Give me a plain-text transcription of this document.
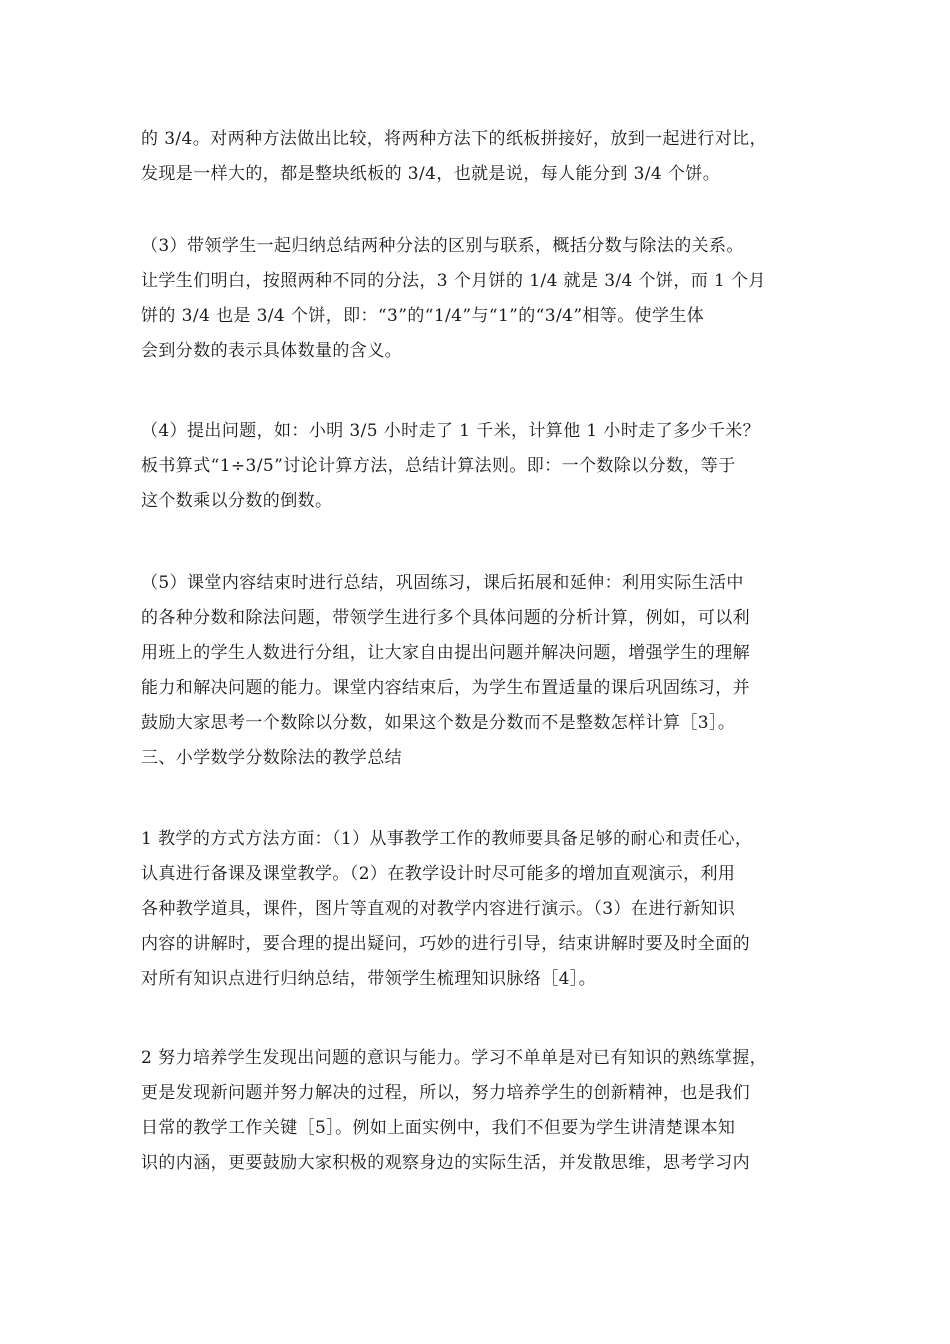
的 3/4。对两种方法做出比较，将两种方法下的纸板拼接好，放到一起进行对比，
发现是一样大的，都是整块纸板的 3/4，也就是说，每人能分到 3/4 个饼。

（3）带领学生一起归纳总结两种分法的区别与联系，概括分数与除法的关系。
让学生们明白，按照两种不同的分法，3 个月饼的 1/4 就是 3/4 个饼，而 1 个月
饼的 3/4 也是 3/4 个饼，即：“3”的“1/4”与“1”的“3/4”相等。使学生体
会到分数的表示具体数量的含义。

（4）提出问题，如：小明 3/5 小时走了 1 千米，计算他 1 小时走了多少千米？
板书算式“1÷3/5”讨论计算方法，总结计算法则。即：一个数除以分数，等于
这个数乘以分数的倒数。

（5）课堂内容结束时进行总结，巩固练习，课后拓展和延伸：利用实际生活中
的各种分数和除法问题，带领学生进行多个具体问题的分析计算，例如，可以利
用班上的学生人数进行分组，让大家自由提出问题并解决问题，增强学生的理解
能力和解决问题的能力。课堂内容结束后，为学生布置适量的课后巩固练习，并
鼓励大家思考一个数除以分数，如果这个数是分数而不是整数怎样计算［3］。
三、小学数学分数除法的教学总结

1 教学的方式方法方面：（1）从事教学工作的教师要具备足够的耐心和责任心，
认真进行备课及课堂教学。（2）在教学设计时尽可能多的增加直观演示，利用
各种教学道具，课件，图片等直观的对教学内容进行演示。（3）在进行新知识
内容的讲解时，要合理的提出疑问，巧妙的进行引导，结束讲解时要及时全面的
对所有知识点进行归纳总结，带领学生梳理知识脉络［4］。

2 努力培养学生发现出问题的意识与能力。学习不单单是对已有知识的熟练掌握，
更是发现新问题并努力解决的过程，所以，努力培养学生的创新精神，也是我们
日常的教学工作关键［5］。例如上面实例中，我们不但要为学生讲清楚课本知
识的内涵，更要鼓励大家积极的观察身边的实际生活，并发散思维，思考学习内
